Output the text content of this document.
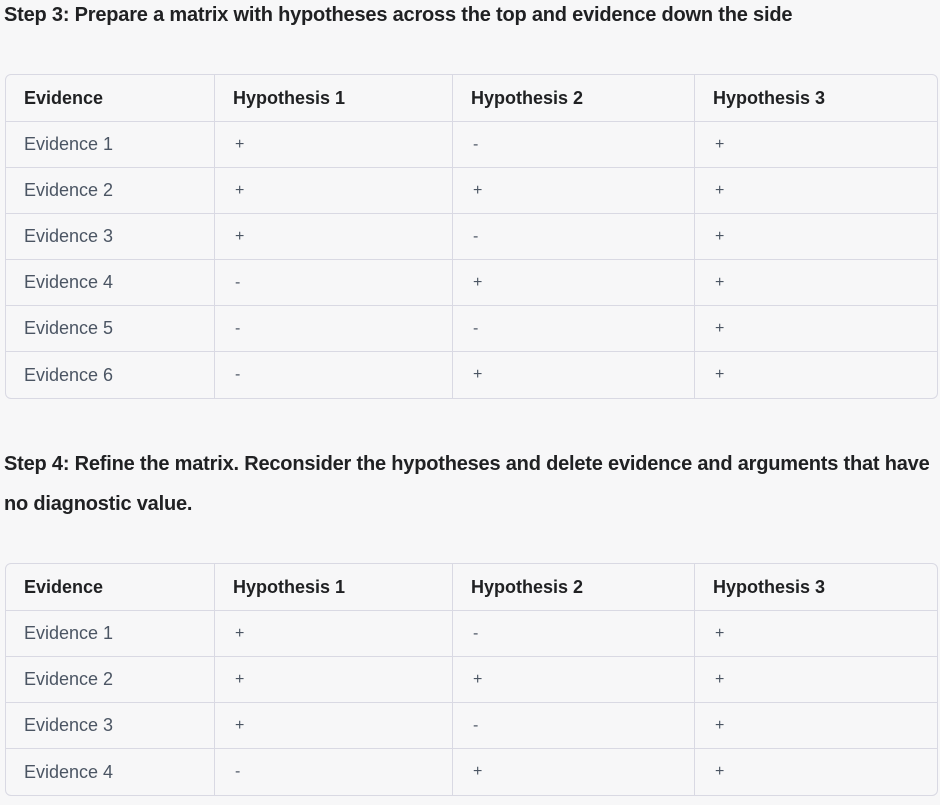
Step 3: Prepare a matrix with hypotheses across the top and evidence down the side

Evidence	Hypothesis 1	Hypothesis 2	Hypothesis 3
Evidence 1	+	-	+
Evidence 2	+	+	+
Evidence 3	+	-	+
Evidence 4	-	+	+
Evidence 5	-	-	+
Evidence 6	-	+	+

Step 4: Refine the matrix. Reconsider the hypotheses and delete evidence and arguments that have no diagnostic value.

Evidence	Hypothesis 1	Hypothesis 2	Hypothesis 3
Evidence 1	+	-	+
Evidence 2	+	+	+
Evidence 3	+	-	+
Evidence 4	-	+	+
